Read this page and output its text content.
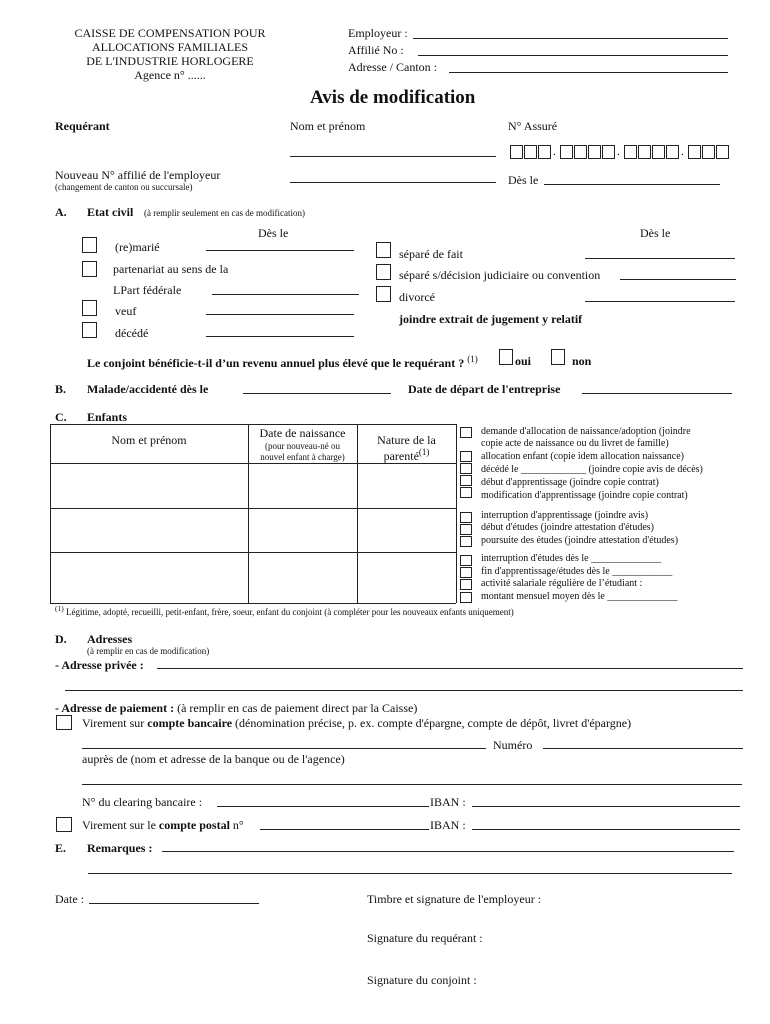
CAISSE DE COMPENSATION POUR
ALLOCATIONS FAMILIALES
DE L'INDUSTRIE HORLOGERE
Agence n° ......
Employeur :
Affilié No :
Adresse / Canton :
Avis de modification
Requérant	Nom et prénom	N° Assuré
.	.	.
Nouveau N° affilié de l'employeur
(changement de canton ou succursale)	Dès le
A. Etat civil (à remplir seulement en cas de modification)
Dès le	Dès le
(re)marié
partenariat au sens de la
LPart fédérale
veuf
décédé
séparé de fait
séparé s/décision judiciaire ou convention
divorcé
joindre extrait de jugement y relatif
Le conjoint bénéficie-t-il d’un revenu annuel plus élevé que le requérant ? $^{(1)}$	oui	non
B. Malade/accidenté dès le	Date de départ de l'entreprise
C. Enfants
Nom et prénom	Date de naissance
(pour nouveau-né ou
nouvel enfant à charge)
Nature de la
parenté$^{(1)}$
demande d'allocation de naissance/adoption (joindre
copie acte de naissance ou du livret de famille)
allocation enfant (copie idem allocation naissance)
décédé le _____________ (joindre copie avis de décès)
début d'apprentissage (joindre copie contrat)
modification d'apprentissage (joindre copie contrat)
interruption d'apprentissage (joindre avis)
début d'études (joindre attestation d'études)
poursuite des études (joindre attestation d'études)
interruption d'études dès le ______________
fin d'apprentissage/études dès le ____________
activité salariale régulière de l’étudiant :
montant mensuel moyen dès le ______________
$^{(1)}$ Légitime, adopté, recueilli, petit-enfant, frère, soeur, enfant du conjoint (à compléter pour les nouveaux enfants uniquement)
D. Adresses
(à remplir en cas de modification)
- Adresse privée :
- Adresse de paiement : (à remplir en cas de paiement direct par la Caisse)
Virement sur compte bancaire (dénomination précise, p. ex. compte d'épargne, compte de dépôt, livret d'épargne)
Numéro
auprès de (nom et adresse de la banque ou de l'agence)
N° du clearing bancaire :	IBAN :
Virement sur le compte postal n°	IBAN :
E. Remarques :
Date :	Timbre et signature de l'employeur :
Signature du requérant :
Signature du conjoint :
